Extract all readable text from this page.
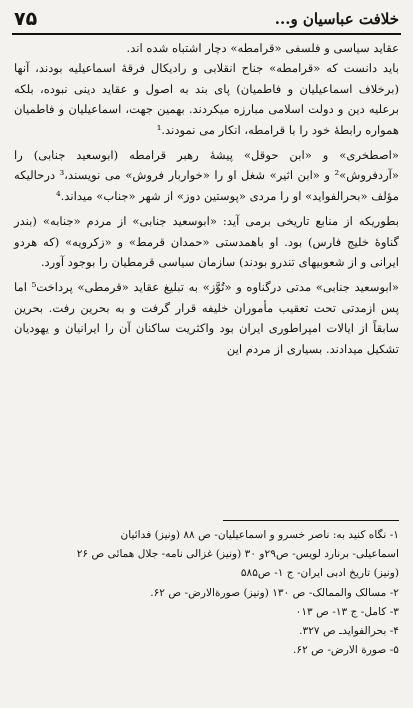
خلافت عباسیان و...
۷۵

عقاید سیاسی و فلسفی «قرامطه» دچار اشتباه شده اند.

باید دانست که «قرامطه» جناح انقلابی و رادیکال فرقهٔ اسماعیلیه بودند، آنها (برخلاف اسماعیلیان و فاطمیان) پای بند به اصول و عقاید دینی نبوده، بلکه برعلیه دین و دولت اسلامی مبارزه میکردند. بهمین جهت، اسماعیلیان و فاطمیان همواره رابطهٔ خود را با قرامطه، انکار می نمودند.¹

«اصطخری» و «ابن حوقل» پیشهٔ رهبر قرامطه (ابوسعید جنابی) را «آردفروش»² و «ابن اثیر» شغل او را «خواربار فروش» می نویسند،³ درحالیکه مؤلف «بحرالفواید» او را مردی «پوستین دوز» از شهر «جناب» میداند.⁴

بطوریکه از منابع تاریخی برمی آید: «ابوسعید جنابی» از مردم «جنابه» (بندر گناوهٔ خلیج فارس) بود. او باهمدستی «حمدان قرمط» و «زکرویه» (که هردو ایرانی و از شعوبیهای تندرو بودند) سازمان سیاسی قرمطیان را بوجود آورد.

«ابوسعید جنابی» مدتی درگناوه و «تُوَّز» به تبلیغ عقاید «قرمطی» پرداخت⁵ اما پس ازمدتی تحت تعقیب مأموران خلیفه قرار گرفت و به بحرین رفت. بحرین سابقاً از ایالات امپراطوری ایران بود واکثریت ساکنان آن را ایرانیان و یهودیان تشکیل میدادند. بسیاری از مردم این

۱- نگاه کنید به: ناصر خسرو و اسماعیلیان- ص ۸۸ (ونیز) فدائیان

اسماعیلی- برنارد لویس- ص۲۹و ۳۰ (ونیز) غزالی نامه- جلال همائی ص ۲۶

(ونیز) تاریخ ادبی ایران- ج ۱- ص۵۸۵

۲- مسالک والممالک- ص ۱۳۰ (ونیز) صورةالارض- ص ۶۲.

۳- کامل- ج ۱۳- ص ۰۱۳

۴- بحرالفوایدـ ص ۳۲۷.

۵- صورة الارض- ص ۶۲.
